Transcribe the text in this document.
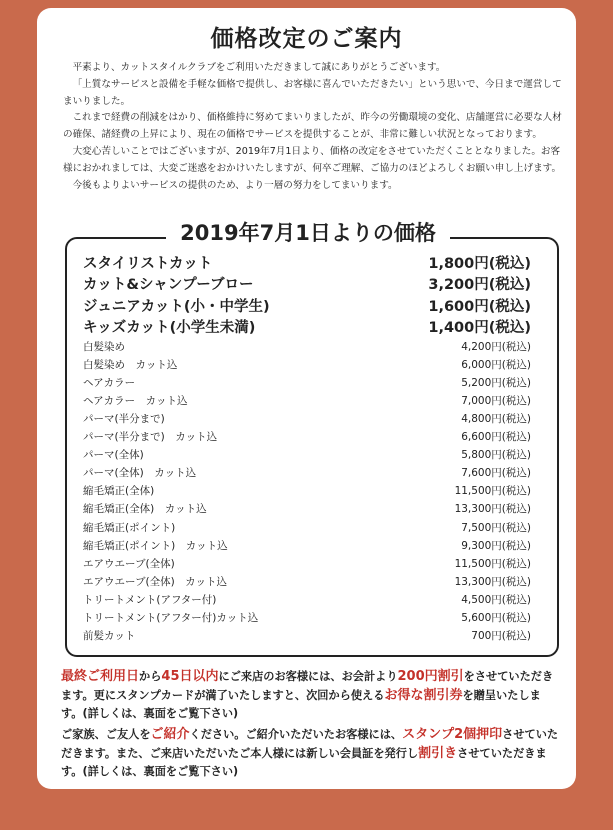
価格改定のご案内

平素より、カットスタイルクラブをご利用いただきまして誠にありがとうございます。

「上質なサービスと設備を手軽な価格で提供し、お客様に喜んでいただきたい」という思いで、今日まで運営してまいりました。

これまで経費の削減をはかり、価格維持に努めてまいりましたが、昨今の労働環境の変化、店舗運営に必要な人材の確保、諸経費の上昇により、現在の価格でサービスを提供することが、非常に難しい状況となっております。

大変心苦しいことではございますが、2019年7月1日より、価格の改定をさせていただくこととなりました。お客様におかれましては、大変ご迷惑をおかけいたしますが、何卒ご理解、ご協力のほどよろしくお願い申し上げます。

今後もよりよいサービスの提供のため、より一層の努力をしてまいります。

2019年7月1日よりの価格
スタイリストカット	1,800円(税込)
カット&シャンプーブロー	3,200円(税込)
ジュニアカット(小・中学生)	1,600円(税込)
キッズカット(小学生未満)	1,400円(税込)
白髪染め	4,200円(税込)
白髪染め　カット込	6,000円(税込)
ヘアカラー	5,200円(税込)
ヘアカラー　カット込	7,000円(税込)
パーマ(半分まで)	4,800円(税込)
パーマ(半分まで)　カット込	6,600円(税込)
パーマ(全体)	5,800円(税込)
パーマ(全体)　カット込	7,600円(税込)
縮毛矯正(全体)	11,500円(税込)
縮毛矯正(全体)　カット込	13,300円(税込)
縮毛矯正(ポイント)	7,500円(税込)
縮毛矯正(ポイント)　カット込	9,300円(税込)
エアウエーブ(全体)	11,500円(税込)
エアウエーブ(全体)　カット込	13,300円(税込)
トリートメント(アフター付)	4,500円(税込)
トリートメント(アフター付)カット込	5,600円(税込)
前髪カット	700円(税込)
最終ご利用日から45日以内にご来店のお客様には、お会計より200円割引をさせていただきます。更にスタンプカードが満了いたしますと、次回から使えるお得な割引券を贈呈いたします。(詳しくは、裏面をご覧下さい)
ご家族、ご友人をご紹介ください。ご紹介いただいたお客様には、スタンプ2個押印させていただきます。また、ご来店いただいたご本人様には新しい会員証を発行し割引きさせていただきます。(詳しくは、裏面をご覧下さい)
